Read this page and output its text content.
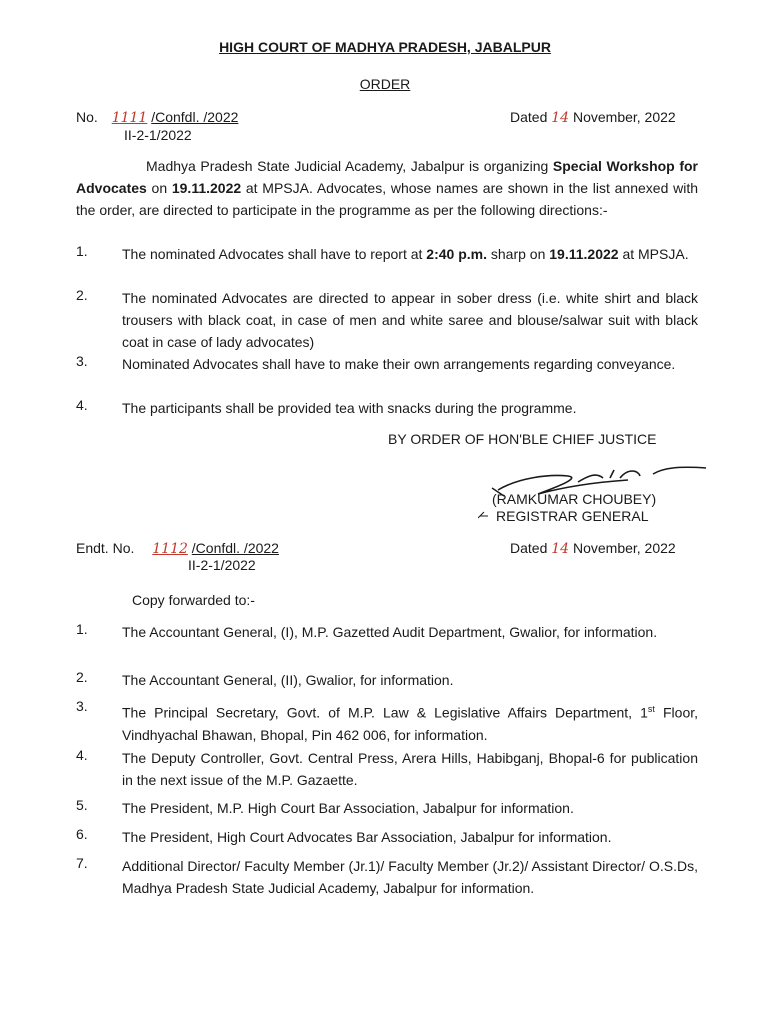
HIGH COURT OF MADHYA PRADESH, JABALPUR
ORDER
No. 1111 /Confdl. /2022
II-2-1/2022
Dated 14 November, 2022
Madhya Pradesh State Judicial Academy, Jabalpur is organizing Special Workshop for Advocates on 19.11.2022 at MPSJA. Advocates, whose names are shown in the list annexed with the order, are directed to participate in the programme as per the following directions:-
1.	The nominated Advocates shall have to report at 2:40 p.m. sharp on 19.11.2022 at MPSJA.
2.	The nominated Advocates are directed to appear in sober dress (i.e. white shirt and black trousers with black coat, in case of men and white saree and blouse/salwar suit with black coat in case of lady advocates)
3.	Nominated Advocates shall have to make their own arrangements regarding conveyance.
4.	The participants shall be provided tea with snacks during the programme.
BY ORDER OF HON'BLE CHIEF JUSTICE
(RAMKUMAR CHOUBEY)
REGISTRAR GENERAL
Endt. No. 1112 /Confdl. /2022
II-2-1/2022
Dated 14 November, 2022
Copy forwarded to:-
1.	The Accountant General, (I), M.P. Gazetted Audit Department, Gwalior, for information.
2.	The Accountant General, (II), Gwalior, for information.
3.	The Principal Secretary, Govt. of M.P. Law & Legislative Affairs Department, 1st Floor, Vindhyachal Bhawan, Bhopal, Pin 462 006, for information.
4.	The Deputy Controller, Govt. Central Press, Arera Hills, Habibganj, Bhopal-6 for publication in the next issue of the M.P. Gazaette.
5.	The President, M.P. High Court Bar Association, Jabalpur for information.
6.	The President, High Court Advocates Bar Association, Jabalpur for information.
7.	Additional Director/ Faculty Member (Jr.1)/ Faculty Member (Jr.2)/ Assistant Director/ O.S.Ds, Madhya Pradesh State Judicial Academy, Jabalpur for information.
